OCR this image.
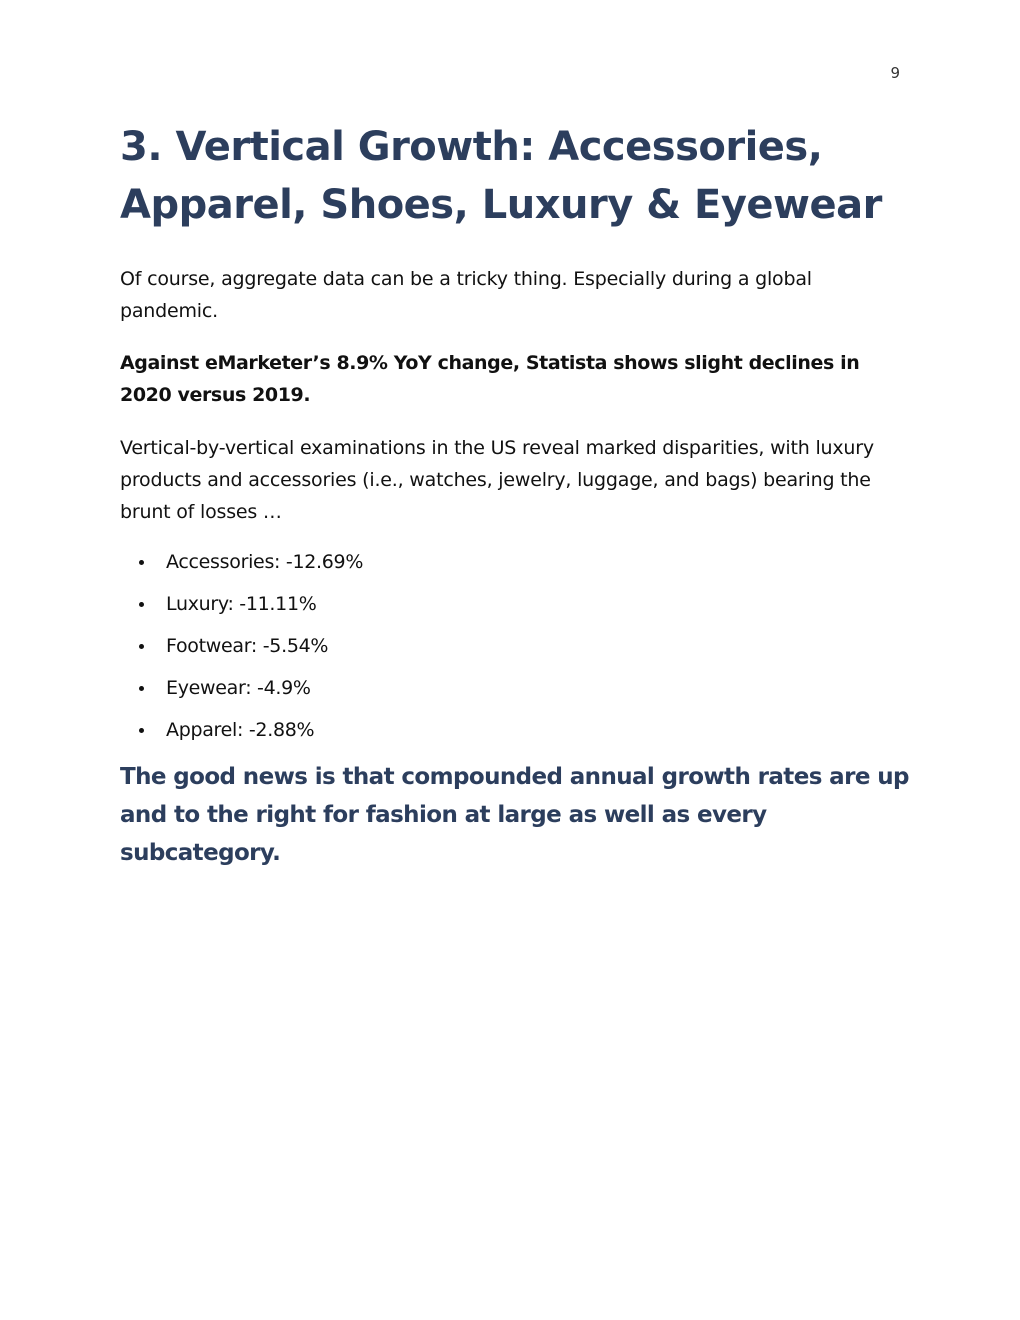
9
3. Vertical Growth: Accessories,
Apparel, Shoes, Luxury & Eyewear

Of course, aggregate data can be a tricky thing. Especially during a global pandemic.

Against eMarketer’s 8.9% YoY change, Statista shows slight declines in 2020 versus 2019.

Vertical-by-vertical examinations in the US reveal marked disparities, with luxury products and accessories (i.e., watches, jewelry, luggage, and bags) bearing the brunt of losses …

Accessories: -12.69%
Luxury: -11.11%
Footwear: -5.54%
Eyewear: -4.9%
Apparel: -2.88%

The good news is that compounded annual growth rates are up and to the right for fashion at large as well as every subcategory.
